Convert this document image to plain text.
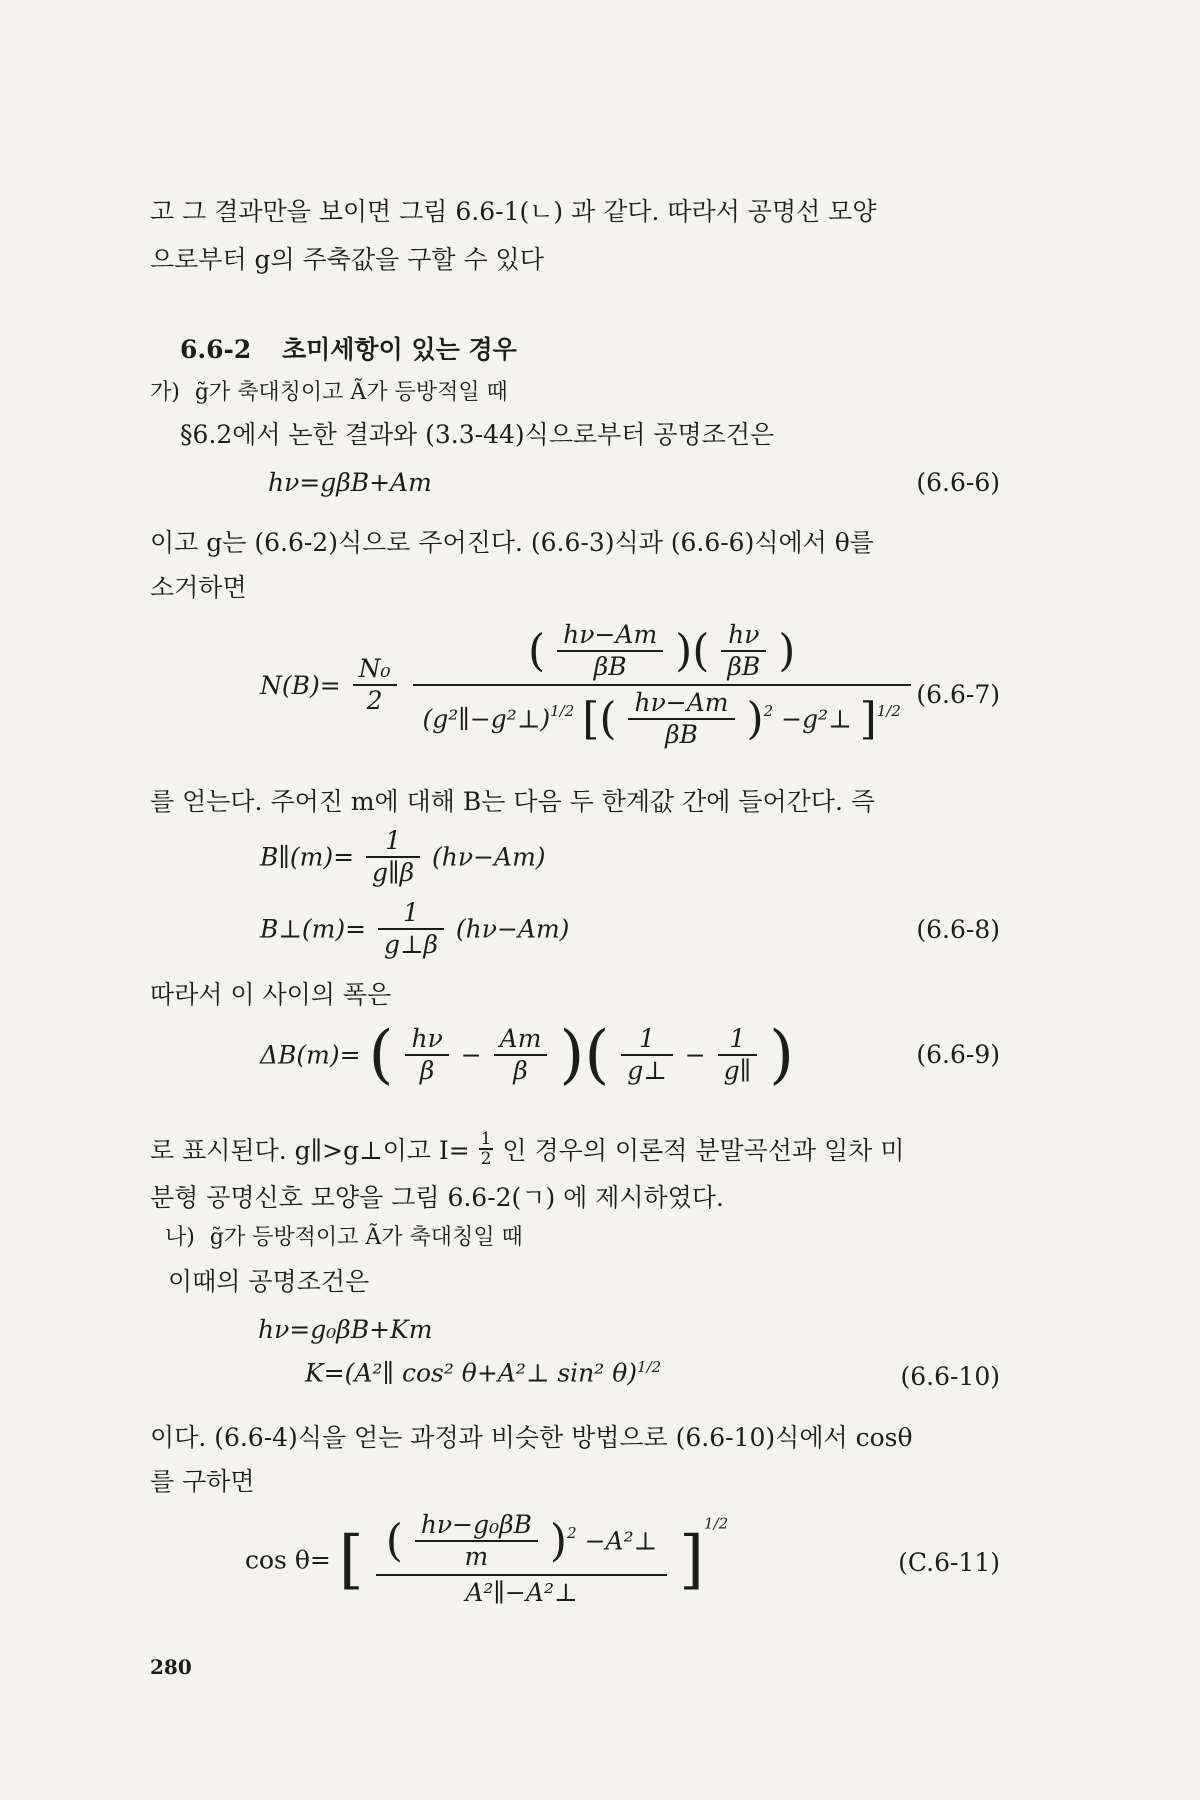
고 그 결과만을 보이면 그림 6.6-1(ㄴ) 과 같다. 따라서 공명선 모양
으로부터 g의 주축값을 구할 수 있다
6.6-2 초미세항이 있는 경우
가) g̃가 축대칭이고 Ã가 등방적일 때
§6.2에서 논한 결과와 (3.3-44)식으로부터 공명조건은
hν=gβB+Am	(6.6-6)
이고 g는 (6.6-2)식으로 주어진다. (6.6-3)식과 (6.6-6)식에서 θ를
소거하면
$N(B)= \frac{\text{N₀}}{2}$

( $\frac{h\nu-Am}{\beta B}$ )( $\frac{h\nu}{\beta B}$ )
(g²∥−g²⊥)$^{1/2}$ [( $\frac{h\nu-Am}{\beta B} )^2$ −g²⊥ ]$^{1/2}$
(6.6-7)
를 얻는다. 주어진 m에 대해 B는 다음 두 한계값 간에 들어간다. 즉
B∥(m)= $\frac{1}{g\parallel\beta} (h\nu-Am)$
B⊥(m)= $\frac{1}{g\perp\beta} (h\nu-Am)$	(6.6-8)
따라서 이 사이의 폭은
ΔB(m)= ( $\frac{h\nu}{\beta} - \frac{Am}{\beta}$ )( $\frac{1}{g\perp} - \frac{1}{g\parallel}$ )	(6.6-9)
로 표시된다. g∥>g⊥이고 $I= \frac{1}{2}$ 인 경우의 이론적 분말곡선과 일차 미
분형 공명신호 모양을 그림 6.6-2(ㄱ) 에 제시하였다.
나) g̃가 등방적이고 Ã가 축대칭일 때
이때의 공명조건은
hν=g₀βB+Km
K=(A²∥ cos² θ+A²⊥ sin² θ)$^{1/2}$	(6.6-10)
이다. (6.6-4)식을 얻는 과정과 비슷한 방법으로 (6.6-10)식에서 cosθ
를 구하면
cos θ= [ ( $\frac{\text{hν−g₀βB}}{m} )^2$ −A²⊥
A²∥−A²⊥	]$^{1/2}$
(C.6-11)
280
